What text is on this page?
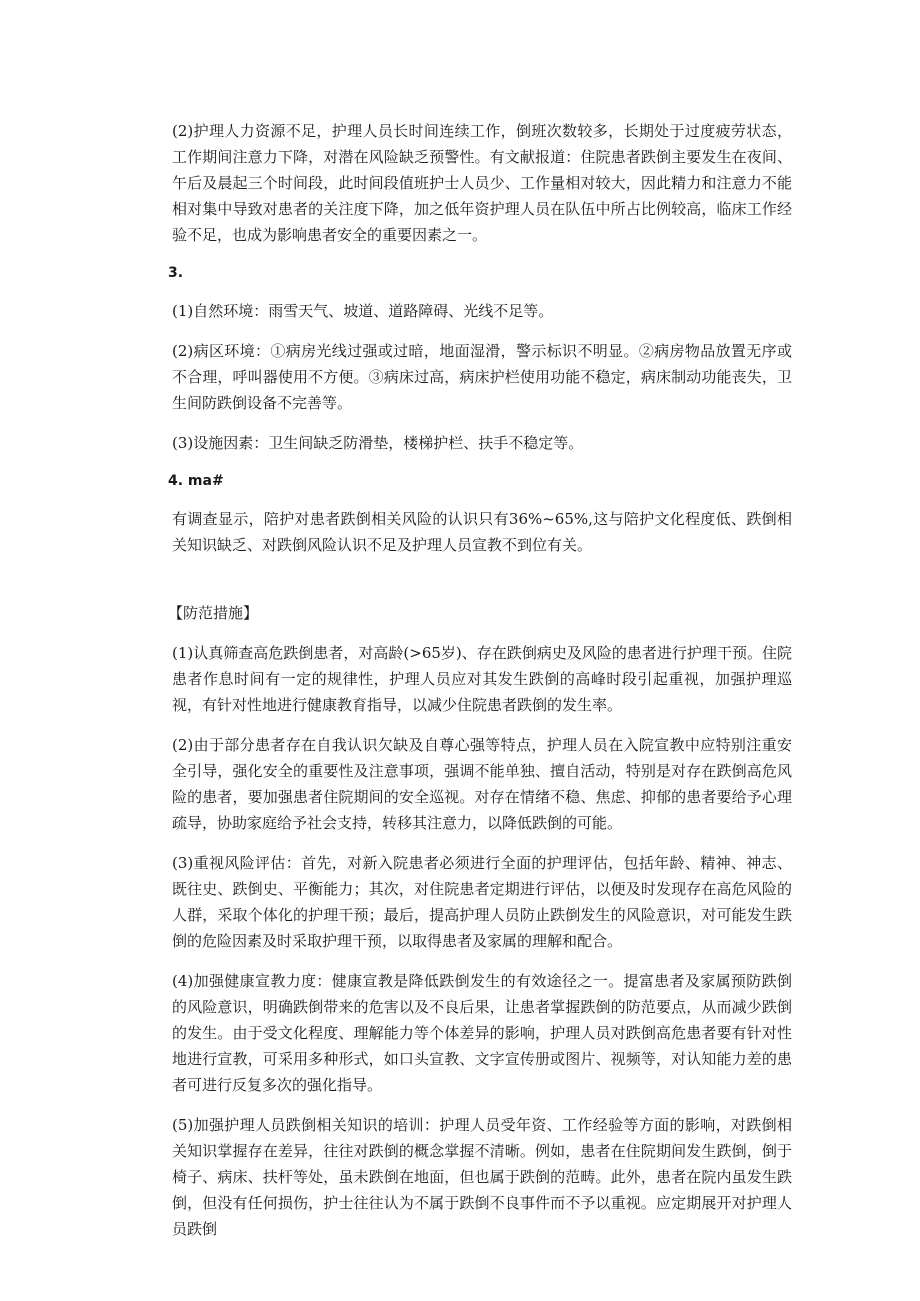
(2)护理人力资源不足，护理人员长时间连续工作，倒班次数较多，长期处于过度疲劳状态，工作期间注意力下降，对潜在风险缺乏预警性。有文献报道：住院患者跌倒主要发生在夜间、午后及晨起三个时间段，此时间段值班护士人员少、工作量相对较大，因此精力和注意力不能相对集中导致对患者的关注度下降，加之低年资护理人员在队伍中所占比例较高，临床工作经验不足，也成为影响患者安全的重要因素之一。

3.

(1)自然环境：雨雪天气、坡道、道路障碍、光线不足等。

(2)病区环境：①病房光线过强或过暗，地面湿滑，警示标识不明显。②病房物品放置无序或不合理，呼叫器使用不方便。③病床过高，病床护栏使用功能不稳定，病床制动功能丧失，卫生间防跌倒设备不完善等。

(3)设施因素：卫生间缺乏防滑垫，楼梯护栏、扶手不稳定等。

4. ma#

有调查显示，陪护对患者跌倒相关风险的认识只有36%~65%,这与陪护文化程度低、跌倒相关知识缺乏、对跌倒风险认识不足及护理人员宣教不到位有关。

【防范措施】

(1)认真筛查高危跌倒患者，对高龄(>65岁)、存在跌倒病史及风险的患者进行护理干预。住院患者作息时间有一定的规律性，护理人员应对其发生跌倒的高峰时段引起重视，加强护理巡视，有针对性地进行健康教育指导，以减少住院患者跌倒的发生率。

(2)由于部分患者存在自我认识欠缺及自尊心强等特点，护理人员在入院宣教中应特别注重安全引导，强化安全的重要性及注意事项，强调不能单独、擅自活动，特别是对存在跌倒高危风险的患者，要加强患者住院期间的安全巡视。对存在情绪不稳、焦虑、抑郁的患者要给予心理疏导，协助家庭给予社会支持，转移其注意力，以降低跌倒的可能。

(3)重视风险评估：首先，对新入院患者必须进行全面的护理评估，包括年龄、精神、神志、既往史、跌倒史、平衡能力；其次，对住院患者定期进行评估，以便及时发现存在高危风险的人群，采取个体化的护理干预；最后，提高护理人员防止跌倒发生的风险意识，对可能发生跌倒的危险因素及时采取护理干预，以取得患者及家属的理解和配合。

(4)加强健康宣教力度：健康宣教是降低跌倒发生的有效途径之一。提富患者及家属预防跌倒的风险意识，明确跌倒带来的危害以及不良后果，让患者掌握跌倒的防范要点，从而减少跌倒的发生。由于受文化程度、理解能力等个体差异的影响，护理人员对跌倒高危患者要有针对性地进行宣教，可采用多种形式，如口头宣教、文字宣传册或图片、视频等，对认知能力差的患者可进行反复多次的强化指导。

(5)加强护理人员跌倒相关知识的培训：护理人员受年资、工作经验等方面的影响，对跌倒相关知识掌握存在差异，往往对跌倒的概念掌握不清晰。例如，患者在住院期间发生跌倒，倒于椅子、病床、扶杆等处，虽未跌倒在地面，但也属于跌倒的范畴。此外，患者在院内虽发生跌倒，但没有任何损伤，护士往往认为不属于跌倒不良事件而不予以重视。应定期展开对护理人员跌倒
